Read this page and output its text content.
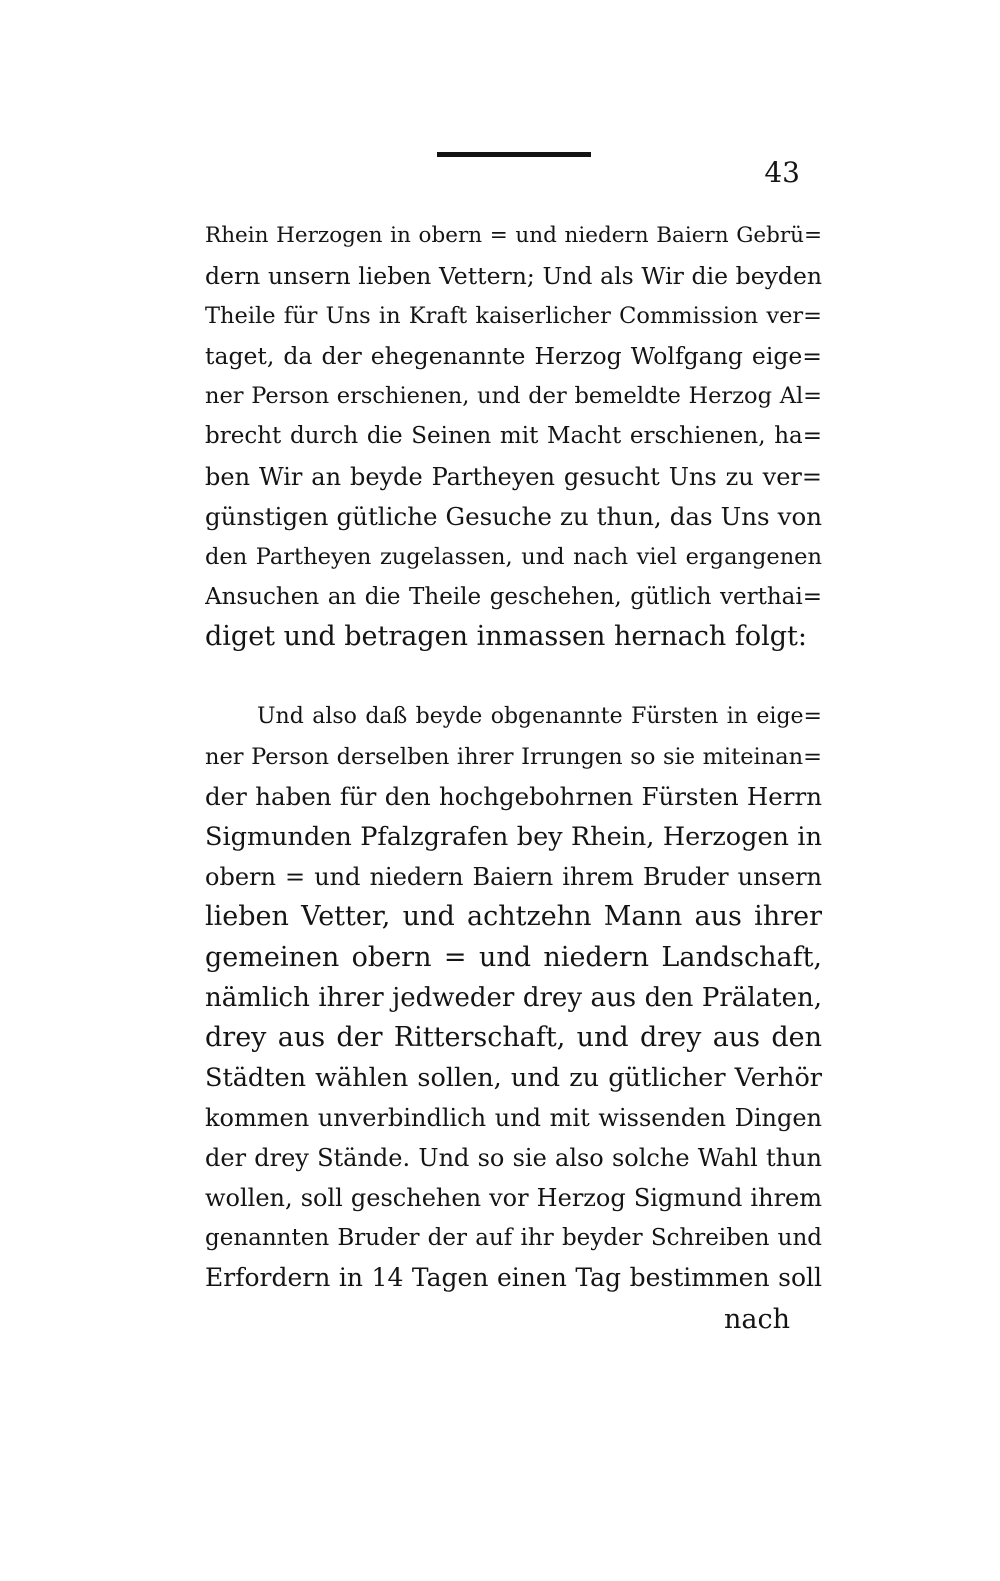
43
Rhein Herzogen in obern = und niedern Baiern Gebrü=
dern unsern lieben Vettern; Und als Wir die beyden
Theile für Uns in Kraft kaiserlicher Commission ver=
taget, da der ehegenannte Herzog Wolfgang eige=
ner Person erschienen, und der bemeldte Herzog Al=
brecht durch die Seinen mit Macht erschienen, ha=
ben Wir an beyde Partheyen gesucht Uns zu ver=
günstigen gütliche Gesuche zu thun, das Uns von
den Partheyen zugelassen, und nach viel ergangenen
Ansuchen an die Theile geschehen, gütlich verthai=
diget und betragen inmassen hernach folgt:
Und also daß beyde obgenannte Fürsten in eige=
ner Person derselben ihrer Irrungen so sie miteinan=
der haben für den hochgebohrnen Fürsten Herrn
Sigmunden Pfalzgrafen bey Rhein, Herzogen in
obern = und niedern Baiern ihrem Bruder unsern
lieben Vetter, und achtzehn Mann aus ihrer
gemeinen obern = und niedern Landschaft,
nämlich ihrer jedweder drey aus den Prälaten,
drey aus der Ritterschaft, und drey aus den
Städten wählen sollen, und zu gütlicher Verhör
kommen unverbindlich und mit wissenden Dingen
der drey Stände. Und so sie also solche Wahl thun
wollen, soll geschehen vor Herzog Sigmund ihrem
genannten Bruder der auf ihr beyder Schreiben und
Erfordern in 14 Tagen einen Tag bestimmen soll
nach
